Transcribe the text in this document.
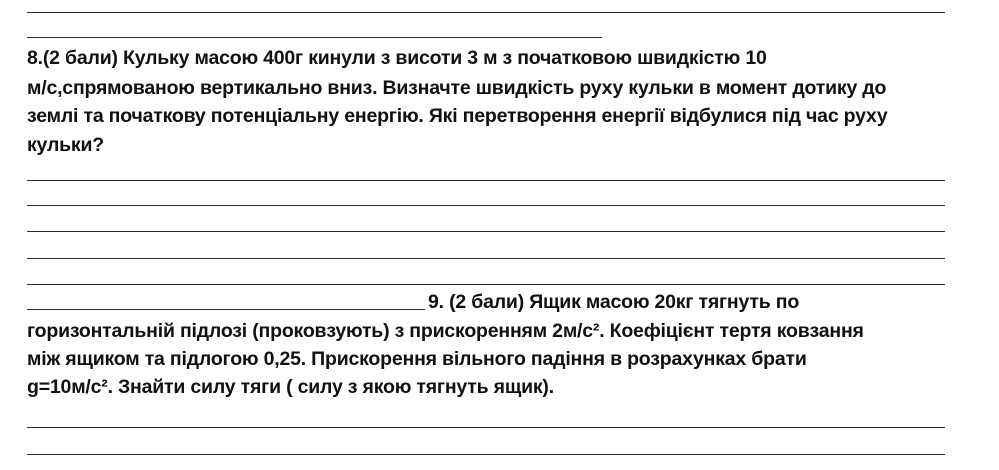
8.(2 бали) Кульку масою 400г кинули з висоти 3 м з початковою швидкістю 10
м/с,спрямованою вертикально вниз. Визначте швидкість руху кульки в момент дотику до
землі та початкову потенціальну енергію. Які перетворення енергії відбулися під час руху
кульки?
9. (2 бали) Ящик масою 20кг тягнуть по
горизонтальній підлозі (проковзують) з прискоренням 2м/с². Коефіцієнт тертя ковзання
між ящиком та підлогою 0,25. Прискорення вільного падіння в розрахунках брати
g=10м/с². Знайти силу тяги ( силу з якою тягнуть ящик).
